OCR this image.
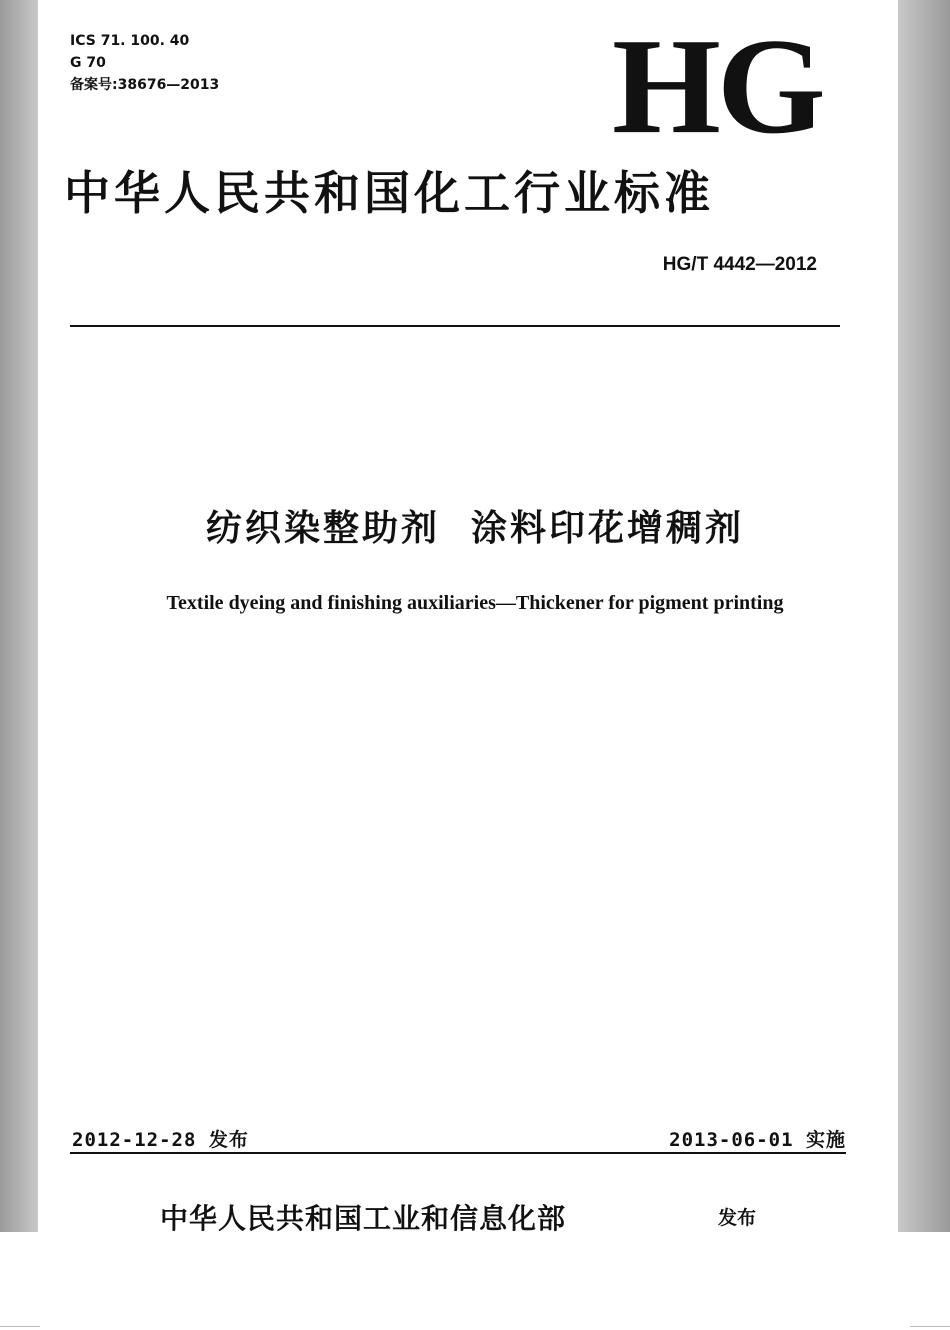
ICS 71. 100. 40
G 70
备案号:38676—2013	HG
中华人民共和国化工行业标准
HG/T 4442—2012
纺织染整助剂  涂料印花增稠剂
Textile dyeing and finishing auxiliaries—Thickener for pigment printing
2012-12-28 发布	2013-06-01 实施
中华人民共和国工业和信息化部	发布
